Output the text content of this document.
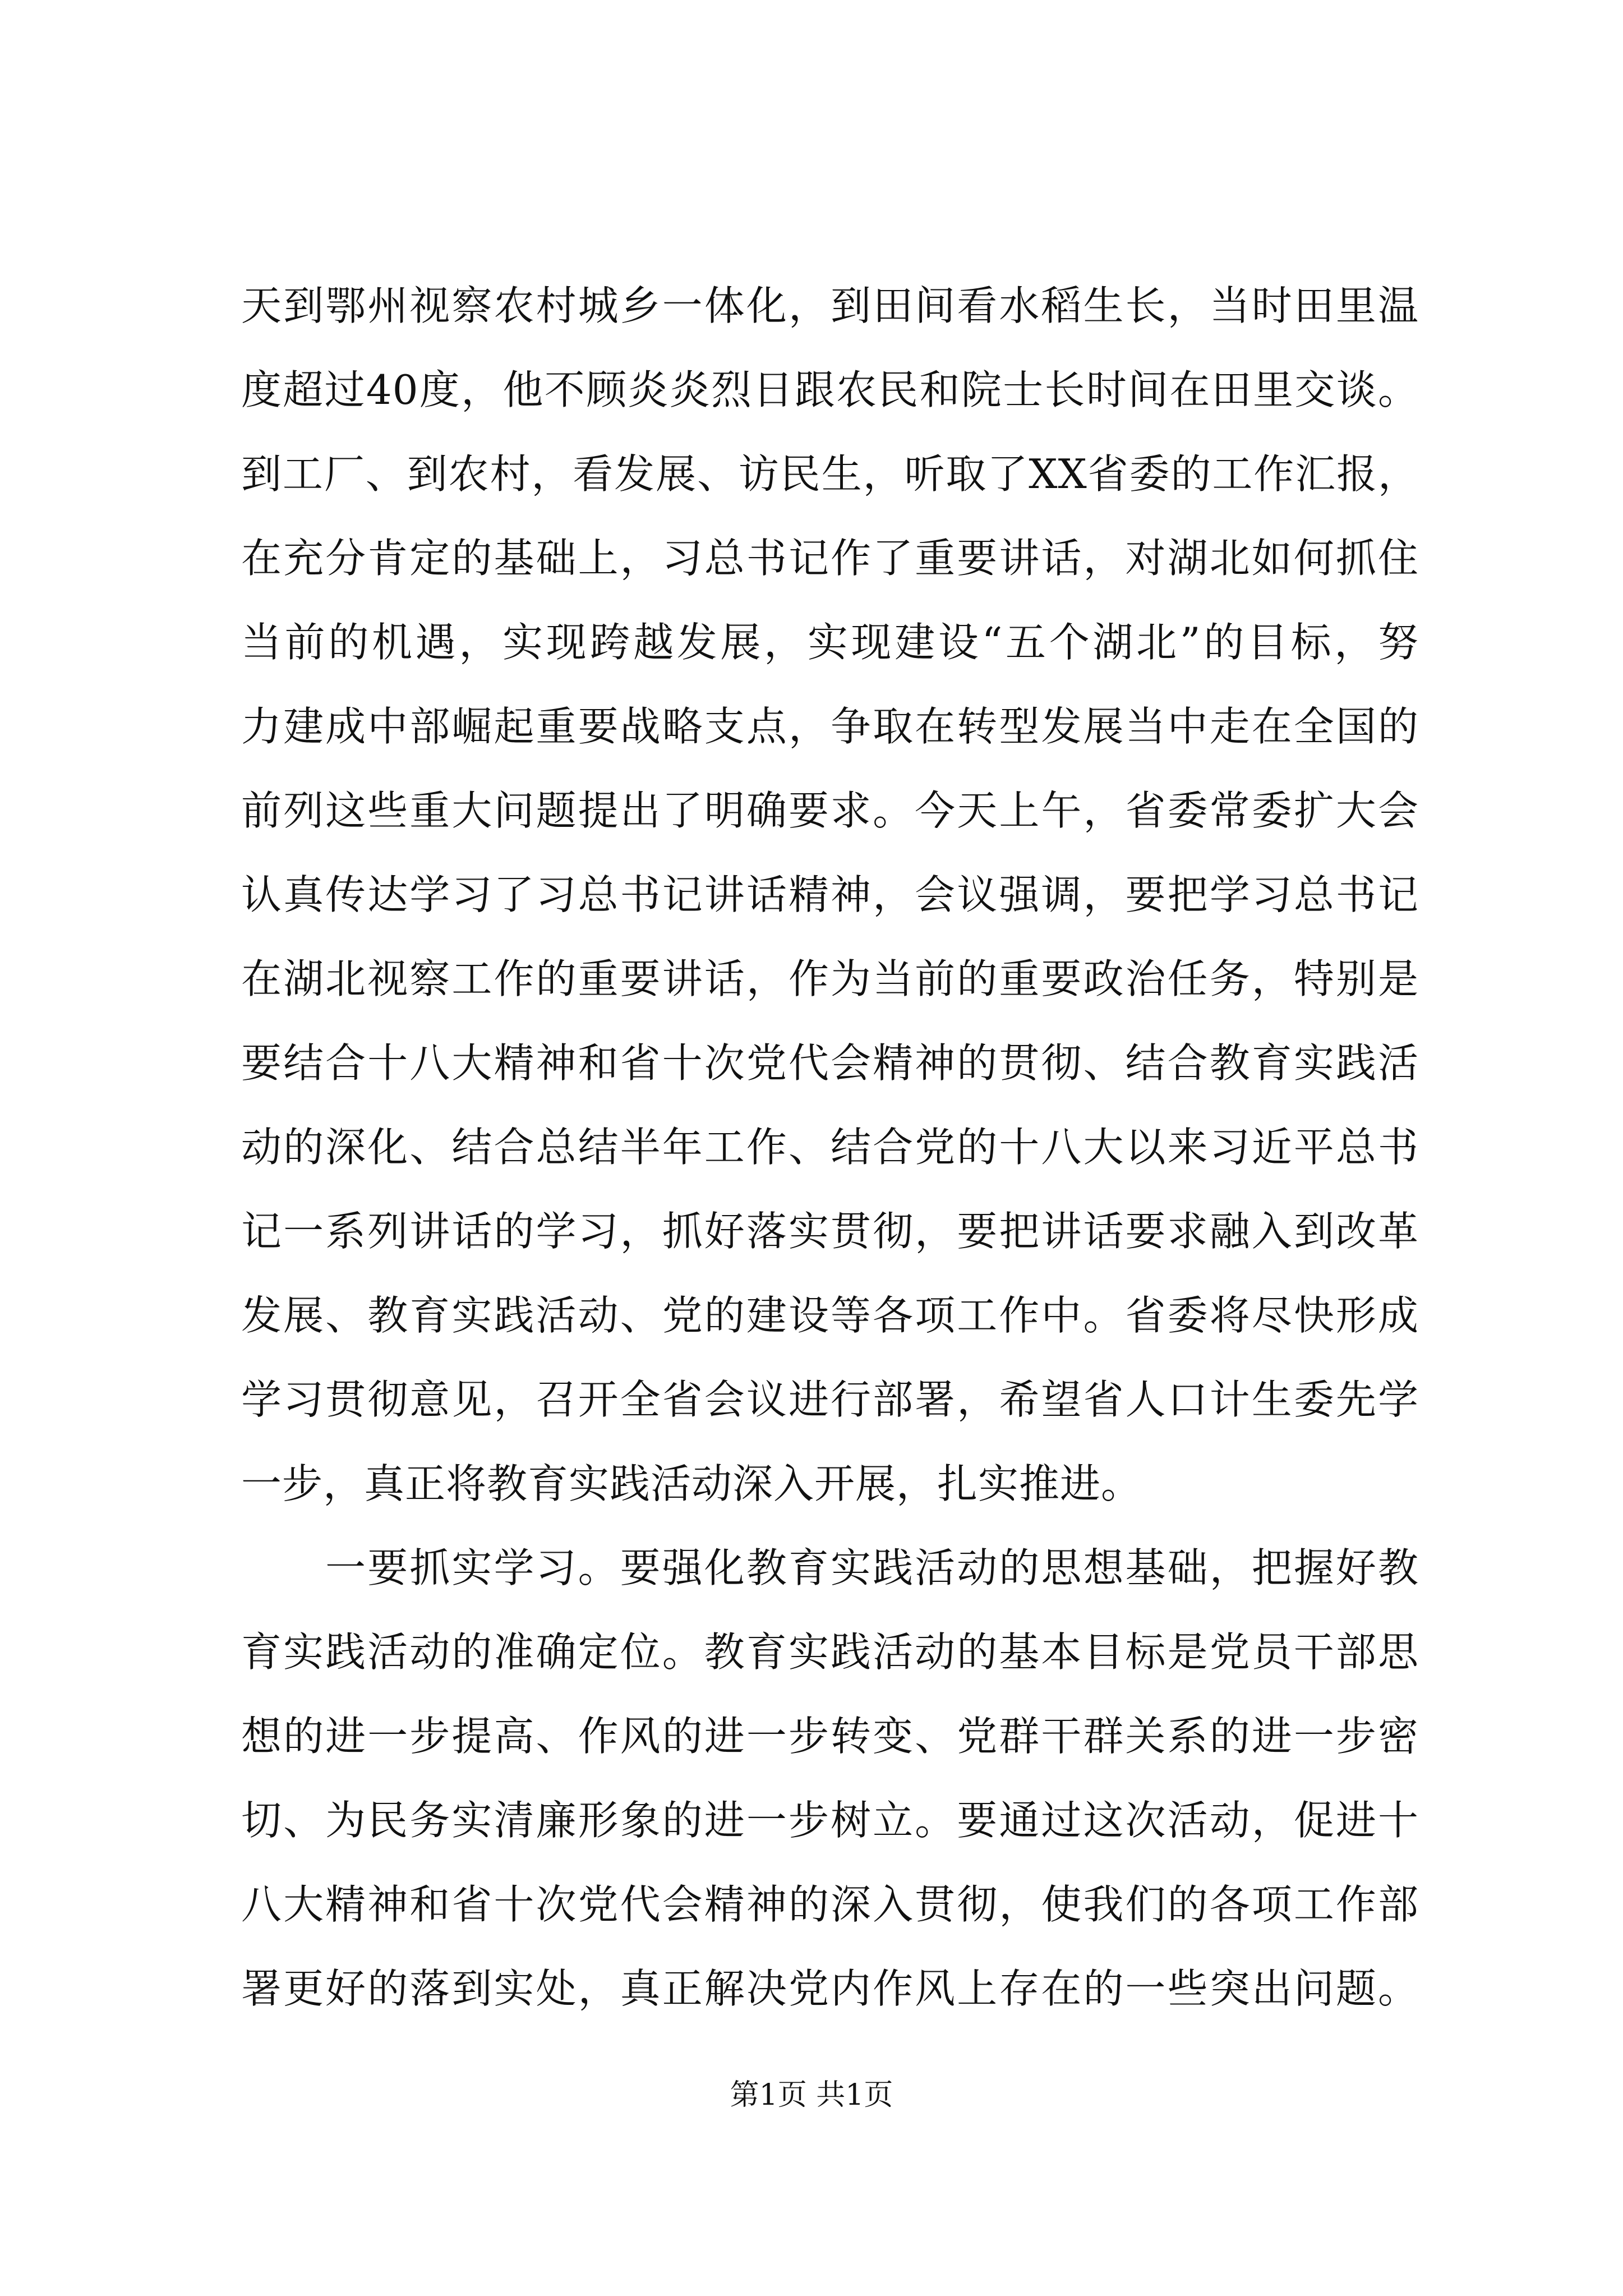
天到鄂州视察农村城乡一体化，到田间看水稻生长，当时田里温
度超过40度，他不顾炎炎烈日跟农民和院士长时间在田里交谈。
到工厂、到农村，看发展、访民生，听取了XX省委的工作汇报，
在充分肯定的基础上，习总书记作了重要讲话，对湖北如何抓住
当前的机遇，实现跨越发展，实现建设“五个湖北”的目标，努
力建成中部崛起重要战略支点，争取在转型发展当中走在全国的
前列这些重大问题提出了明确要求。今天上午，省委常委扩大会
认真传达学习了习总书记讲话精神，会议强调，要把学习总书记
在湖北视察工作的重要讲话，作为当前的重要政治任务，特别是
要结合十八大精神和省十次党代会精神的贯彻、结合教育实践活
动的深化、结合总结半年工作、结合党的十八大以来习近平总书
记一系列讲话的学习，抓好落实贯彻，要把讲话要求融入到改革
发展、教育实践活动、党的建设等各项工作中。省委将尽快形成
学习贯彻意见，召开全省会议进行部署，希望省人口计生委先学
一步，真正将教育实践活动深入开展，扎实推进。
　　一要抓实学习。要强化教育实践活动的思想基础，把握好教
育实践活动的准确定位。教育实践活动的基本目标是党员干部思
想的进一步提高、作风的进一步转变、党群干群关系的进一步密
切、为民务实清廉形象的进一步树立。要通过这次活动，促进十
八大精神和省十次党代会精神的深入贯彻，使我们的各项工作部
署更好的落到实处，真正解决党内作风上存在的一些突出问题。
第1页 共1页
